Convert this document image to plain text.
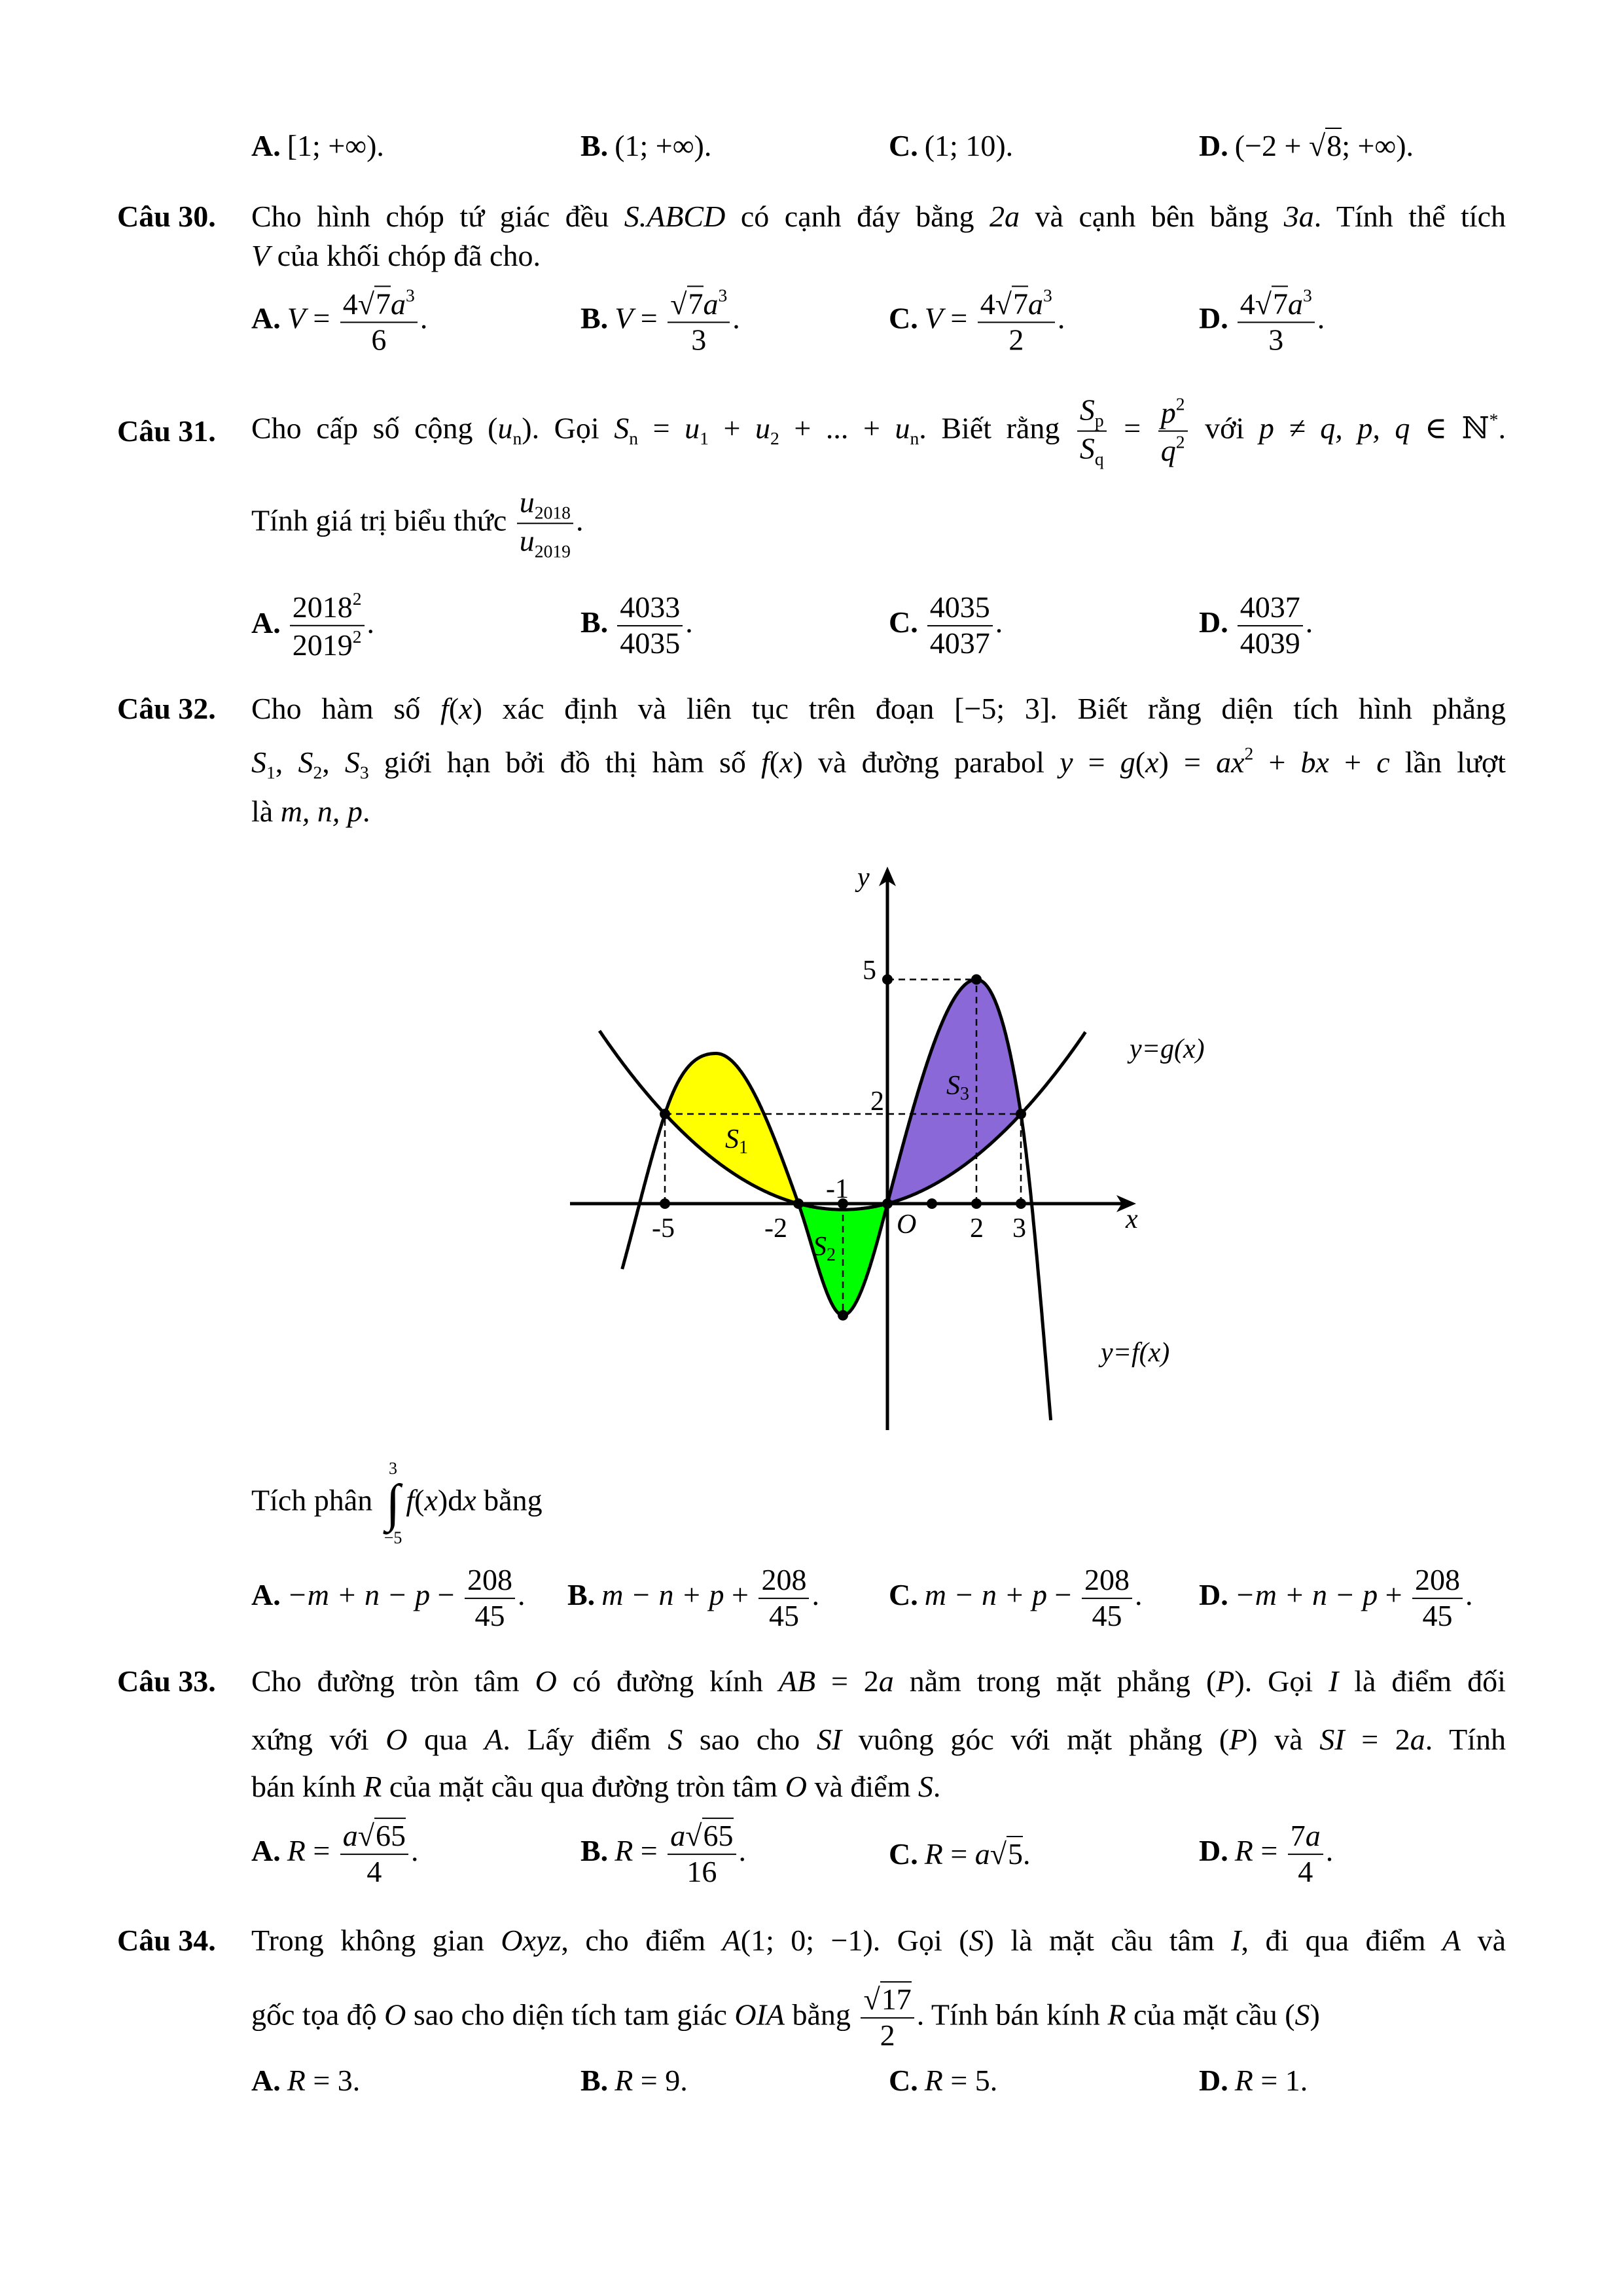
A. [1; +∞).	B. (1; +∞).	C. (1; 10).	D. (−2 + √8; +∞).
Câu 30. Cho hình chóp tứ giác đều S.ABCD có cạnh đáy bằng 2a và cạnh bên bằng 3a. Tính thể tích
V của khối chóp đã cho.
A. $V = \frac{4√7a^3}{6}$ .	B. $V = \frac{√7a^3}{3}$ .	C. $V = \frac{4√7a^3}{2}$ .	D. $\frac{4√7a^3}{3}$ .
Câu 31. Cho cấp số cộng $(u_n)$. Gọi $S_n = u_1 + u_2$ + ... + $u_n$. Biết rằng $\frac{S_p}{S_q} = \frac{p^2}{q^2}$ với p ≠ q, p, q ∈ ℕ*.
Tính giá trị biểu thức $\frac{u_{2018}}{u_{2019}}$ .
A. $\frac{2018^2}{2019^2}$ .	B. $\frac{4033}{4035}$ .	C. $\frac{4035}{4037}$ .	D. $\frac{4037}{4039}$ .
Câu 32. Cho hàm số f(x) xác định và liên tục trên đoạn [−5; 3]. Biết rằng diện tích hình phẳng
$S_1$, $S_2$, $S_3$ giới hạn bởi đồ thị hàm số f(x) và đường parabol $y = g(x) = ax^2$ + bx + c lần lượt
là m, n, p.
y
x
O
-5	-2
-1
2 3
5
2
y=g(x)
y=f(x)
S1
S2
S3
Tích phân
3
∫
−5
f(x)dx bằng
A. $-m + n - p - \frac{208}{45}$ . B. $m - n + p + \frac{208}{45}$ . C. $m - n + p - \frac{208}{45}$ . D. $-m + n - p + \frac{208}{45}$ .
Câu 33. Cho đường tròn tâm O có đường kính AB = 2a nằm trong mặt phẳng (P). Gọi I là điểm đối
xứng với O qua A. Lấy điểm S sao cho SI vuông góc với mặt phẳng (P) và SI = 2a. Tính
bán kính R của mặt cầu qua đường tròn tâm O và điểm S.
A. $R = \frac{a√65}{4}$ .	B. $R = \frac{a√65}{16}$ .	C. R = a√5.	D. $R = \frac{7a}{4}$ .
Câu 34. Trong không gian Oxyz, cho điểm A(1; 0; −1). Gọi (S) là mặt cầu tâm I, đi qua điểm A và
gốc tọa độ O sao cho diện tích tam giác OIA bằng $\frac{√17}{2}$ . Tính bán kính R của mặt cầu (S)
A. R = 3.	B. R = 9.	C. R = 5.	D. R = 1.
